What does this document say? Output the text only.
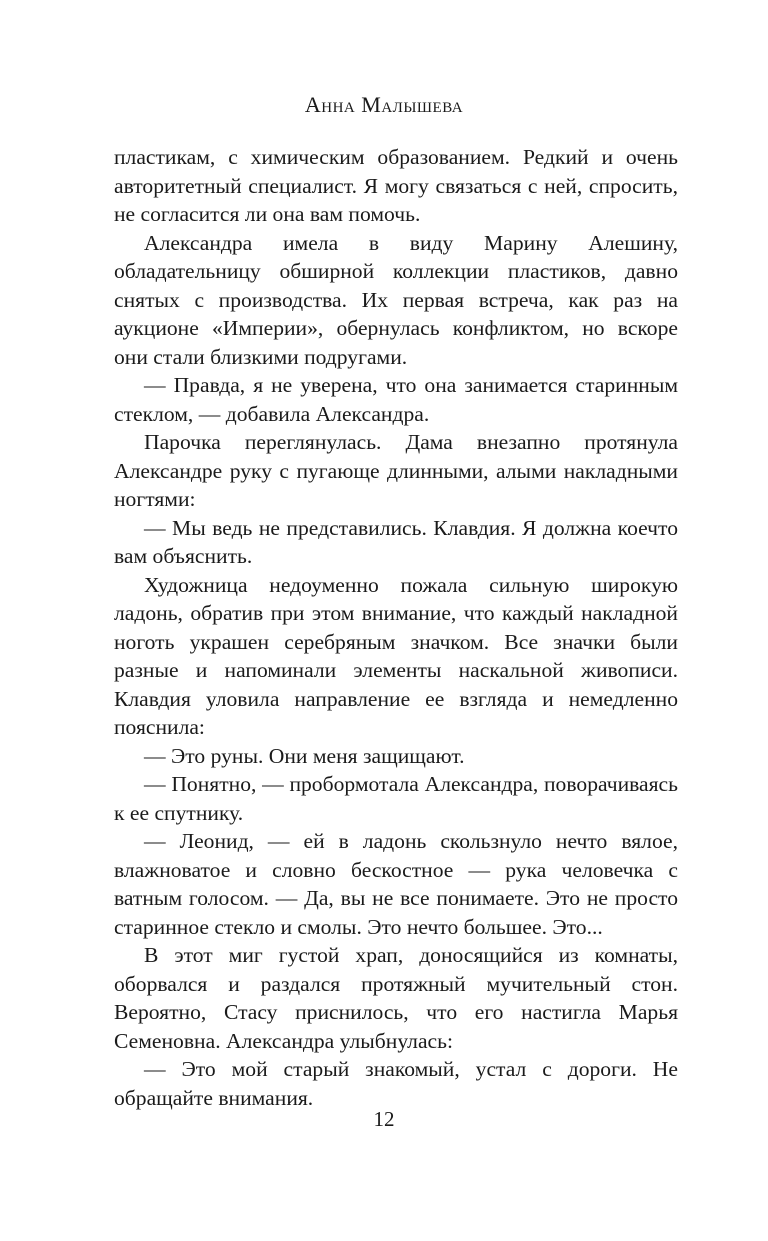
Анна Малышева

пластикам, с химическим образованием. Редкий и очень авторитетный специалист. Я могу связаться с ней, спросить, не согласится ли она вам помочь.

Александра имела в виду Марину Алешину, обладательницу обширной коллекции пластиков, давно снятых с производства. Их первая встреча, как раз на аукционе «Империи», обернулась конфликтом, но вскоре они стали близкими подругами.

— Правда, я не уверена, что она занимается старинным стеклом, — добавила Александра.

Парочка переглянулась. Дама внезапно протянула Александре руку с пугающе длинными, алыми накладными ногтями:

— Мы ведь не представились. Клавдия. Я должна коечто вам объяснить.

Художница недоуменно пожала сильную широкую ладонь, обратив при этом внимание, что каждый накладной ноготь украшен серебряным значком. Все значки были разные и напоминали элементы наскальной живописи. Клавдия уловила направление ее взгляда и немедленно пояснила:

— Это руны. Они меня защищают.

— Понятно, — пробормотала Александра, поворачиваясь к ее спутнику.

— Леонид, — ей в ладонь скользнуло нечто вялое, влажноватое и словно бескостное — рука человечка с ватным голосом. — Да, вы не все понимаете. Это не просто старинное стекло и смолы. Это нечто большее. Это...

В этот миг густой храп, доносящийся из комнаты, оборвался и раздался протяжный мучительный стон. Вероятно, Стасу приснилось, что его настигла Марья Семеновна. Александра улыбнулась:

— Это мой старый знакомый, устал с дороги. Не обращайте внимания.

12
